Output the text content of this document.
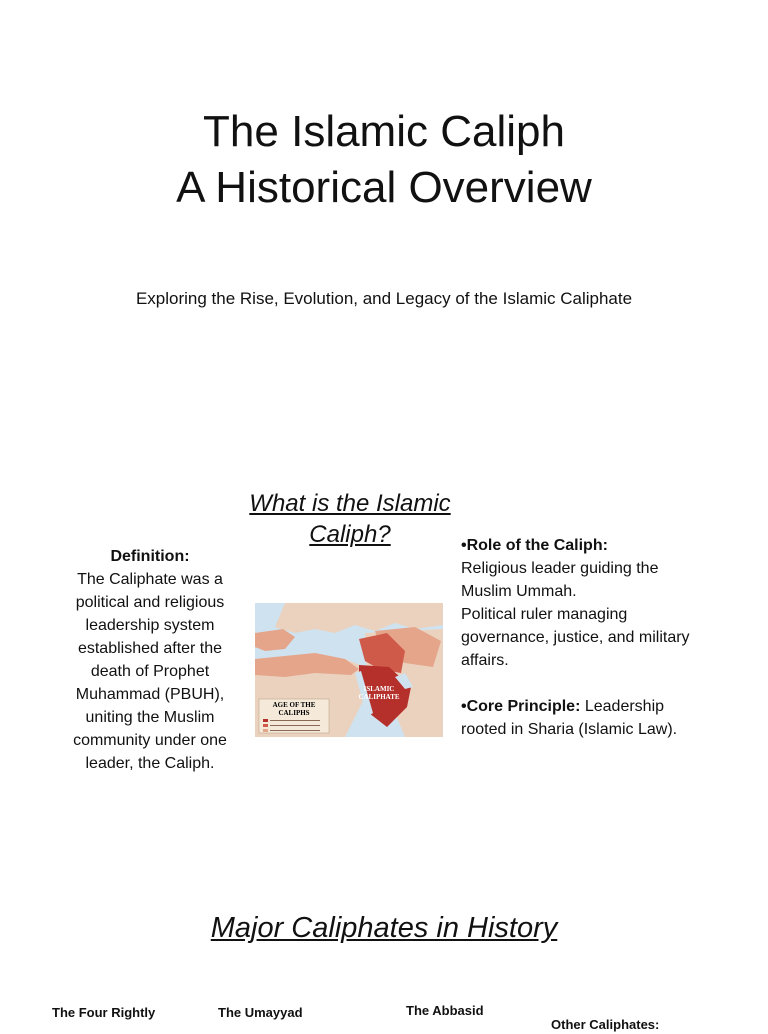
The Islamic Caliph
A Historical Overview
Exploring the Rise, Evolution, and Legacy of the Islamic Caliphate
What is the Islamic Caliph?
Definition:
The Caliphate was a political and religious leadership system established after the death of Prophet Muhammad (PBUH), uniting the Muslim community under one leader, the Caliph.
AGE OF THE
CALIPHS
ISLAMIC
CALIPHATE

•Role of the Caliph:

Religious leader guiding the Muslim Ummah.

Political ruler managing governance, justice, and military affairs.

•Core Principle: Leadership rooted in Sharia (Islamic Law).

Major Caliphates in History
The Four Rightly	The Umayyad	The Abbasid
Other Caliphates:
